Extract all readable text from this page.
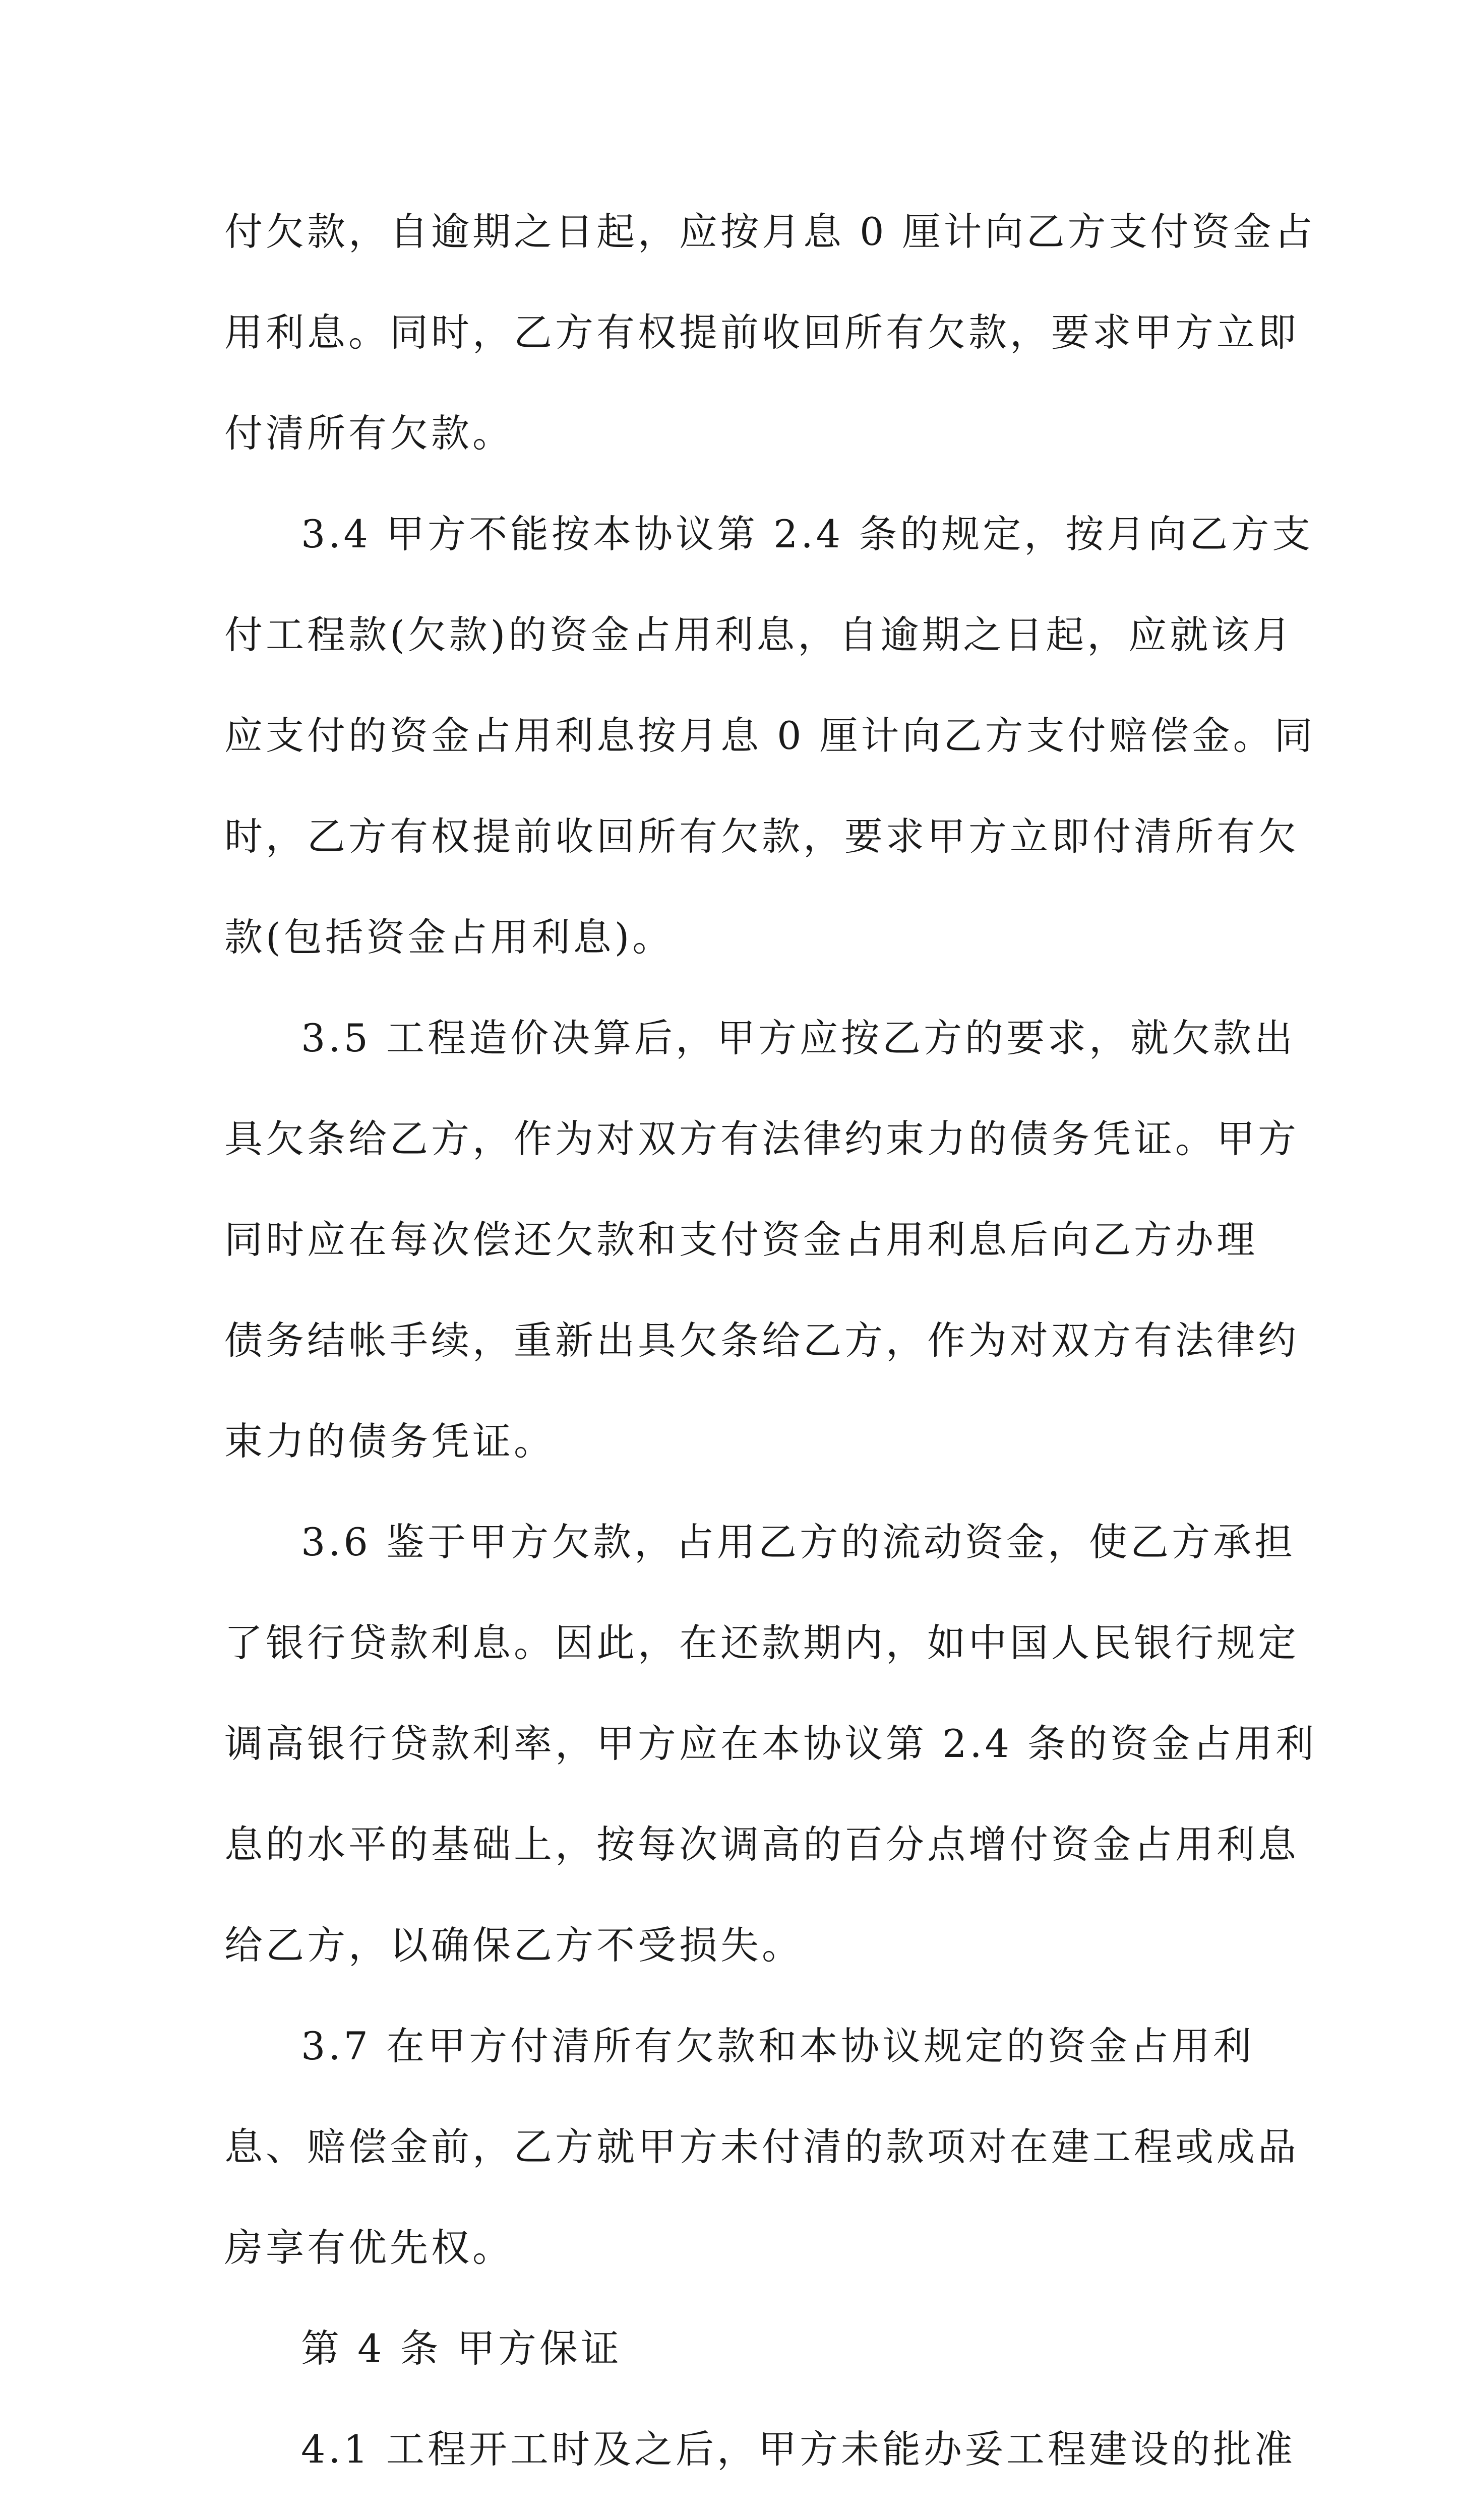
付欠款，自逾期之日起，应按月息 0 厘计向乙方支付资金占
用利息。同时，乙方有权提前收回所有欠款，要求甲方立即
付清所有欠款。
3.4 甲方不能按本协议第 2.4 条的规定，按月向乙方支
付工程款(欠款)的资金占用利息，自逾期之日起，应就该月
应支付的资金占用利息按月息 0 厘计向乙方支付赔偿金。同
时，乙方有权提前收回所有欠款，要求甲方立即付清所有欠
款(包括资金占用利息)。
3.5 工程造价决算后，甲方应按乙方的要求，就欠款出
具欠条给乙方，作为对双方有法律约束力的债务凭证。甲方
同时应在每次偿还欠款和支付资金占用利息后向乙方办理
债务结帐手续，重新出具欠条给乙方，作为对双方有法律约
束力的债务凭证。
3.6 鉴于甲方欠款，占用乙方的流动资金，使乙方承担
了银行贷款利息。因此，在还款期内，如中国人民银行规定
调高银行贷款利率，甲方应在本协议第 2.4 条的资金占用利
息的水平的基础上，按每次调高的百分点增付资金占用利息
给乙方，以确保乙方不受损失。
3.7 在甲方付清所有欠款和本协议规定的资金占用利
息、赔偿金前，乙方就甲方未付清的款项对在建工程或成品
房享有优先权。
第 4 条 甲方保证
4.1 工程开工时及之后，甲方未能办妥工程建设的批准
